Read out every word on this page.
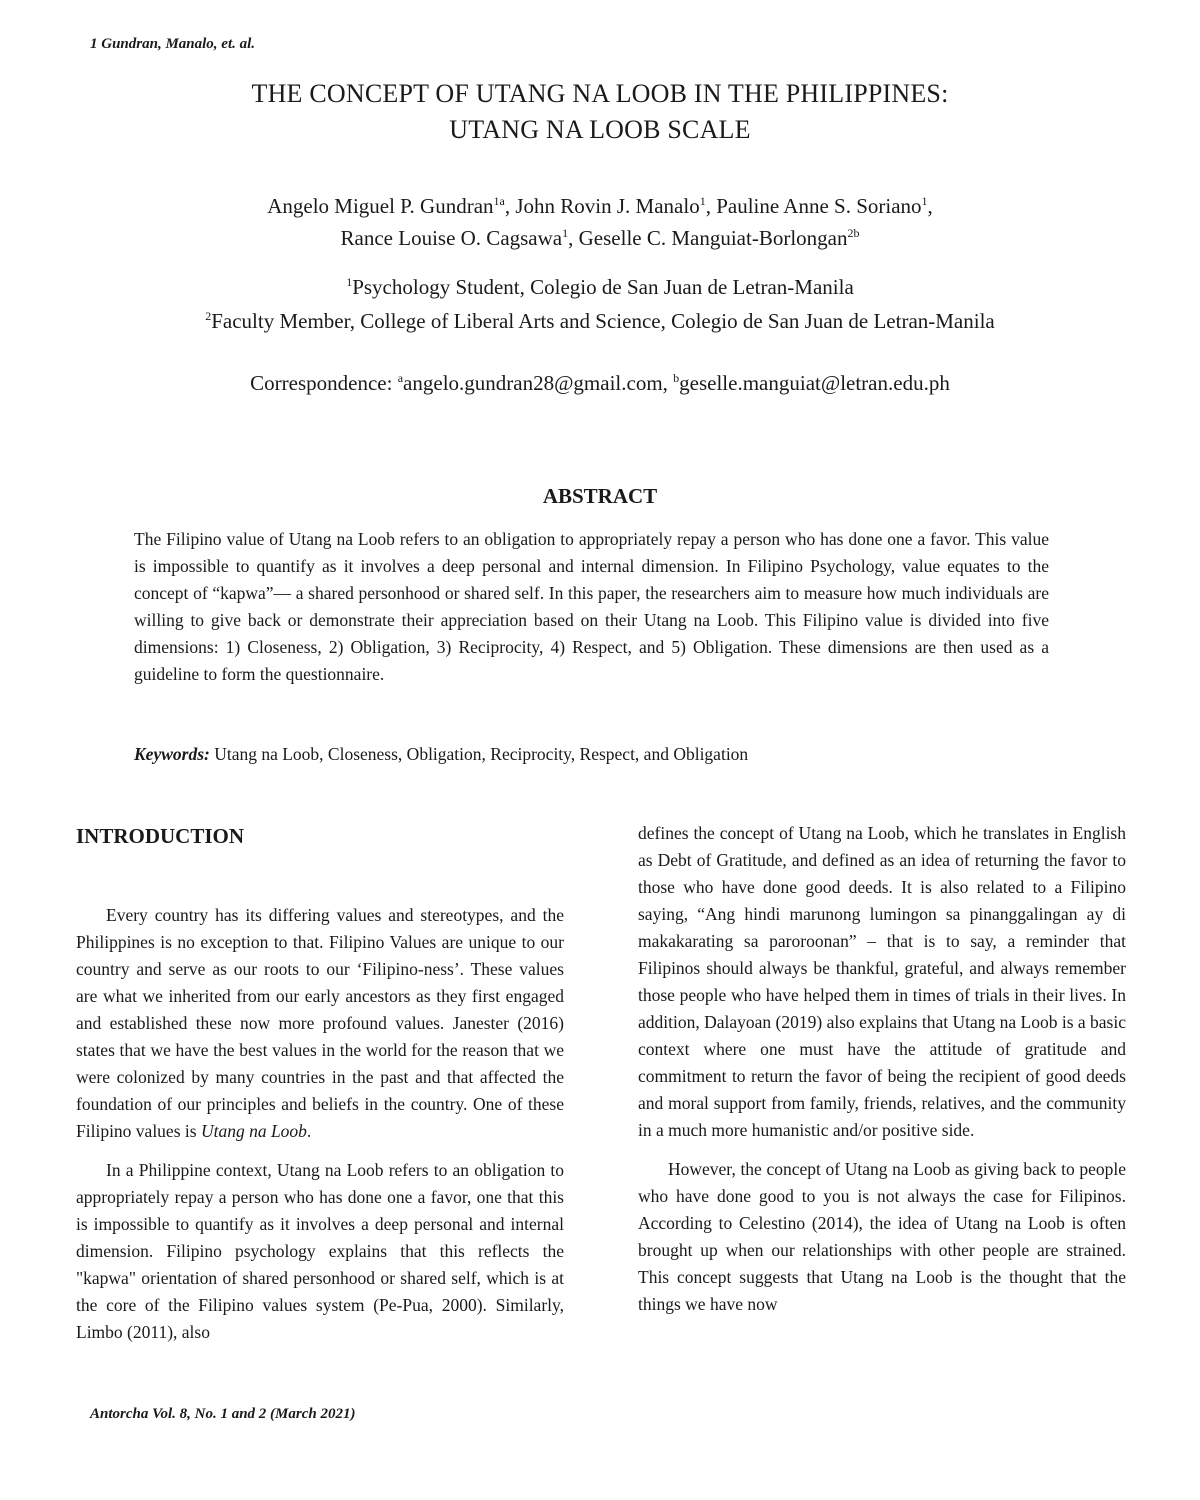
1 Gundran, Manalo, et. al.
THE CONCEPT OF UTANG NA LOOB IN THE PHILIPPINES:
UTANG NA LOOB SCALE
Angelo Miguel P. Gundran$^{1a}$, John Rovin J. Manalo$^1$, Pauline Anne S. Soriano$^1$,
Rance Louise O. Cagsawa$^1$, Geselle C. Manguiat-Borlongan$^{2b}$
$^1$Psychology Student, Colegio de San Juan de Letran-Manila
$^2$Faculty Member, College of Liberal Arts and Science, Colegio de San Juan de Letran-Manila
Correspondence: $^a$angelo.gundran28@gmail.com, $^b$geselle.manguiat@letran.edu.ph
ABSTRACT

The Filipino value of Utang na Loob refers to an obligation to appropriately repay a person who has done one a favor. This value is impossible to quantify as it involves a deep personal and internal dimension. In Filipino Psychology, value equates to the concept of “kapwa”— a shared personhood or shared self. In this paper, the researchers aim to measure how much individuals are willing to give back or demonstrate their appreciation based on their Utang na Loob. This Filipino value is divided into five dimensions: 1) Closeness, 2) Obligation, 3) Reciprocity, 4) Respect, and 5) Obligation. These dimensions are then used as a guideline to form the questionnaire.

Keywords: Utang na Loob, Closeness, Obligation, Reciprocity, Respect, and Obligation

INTRODUCTION

Every country has its differing values and stereotypes, and the Philippines is no exception to that. Filipino Values are unique to our country and serve as our roots to our ‘Filipino-ness’. These values are what we inherited from our early ancestors as they first engaged and established these now more profound values. Janester (2016) states that we have the best values in the world for the reason that we were colonized by many countries in the past and that affected the foundation of our principles and beliefs in the country. One of these Filipino values is Utang na Loob.

In a Philippine context, Utang na Loob refers to an obligation to appropriately repay a person who has done one a favor, one that this is impossible to quantify as it involves a deep personal and internal dimension. Filipino psychology explains that this reflects the "kapwa" orientation of shared personhood or shared self, which is at the core of the Filipino values system (Pe-Pua, 2000). Similarly, Limbo (2011), also

defines the concept of Utang na Loob, which he translates in English as Debt of Gratitude, and defined as an idea of returning the favor to those who have done good deeds. It is also related to a Filipino saying, “Ang hindi marunong lumingon sa pinanggalingan ay di makakarating sa paroroonan” – that is to say, a reminder that Filipinos should always be thankful, grateful, and always remember those people who have helped them in times of trials in their lives. In addition, Dalayoan (2019) also explains that Utang na Loob is a basic context where one must have the attitude of gratitude and commitment to return the favor of being the recipient of good deeds and moral support from family, friends, relatives, and the community in a much more humanistic and/or positive side.

However, the concept of Utang na Loob as giving back to people who have done good to you is not always the case for Filipinos. According to Celestino (2014), the idea of Utang na Loob is often brought up when our relationships with other people are strained. This concept suggests that Utang na Loob is the thought that the things we have now

Antorcha Vol. 8, No. 1 and 2 (March 2021)
